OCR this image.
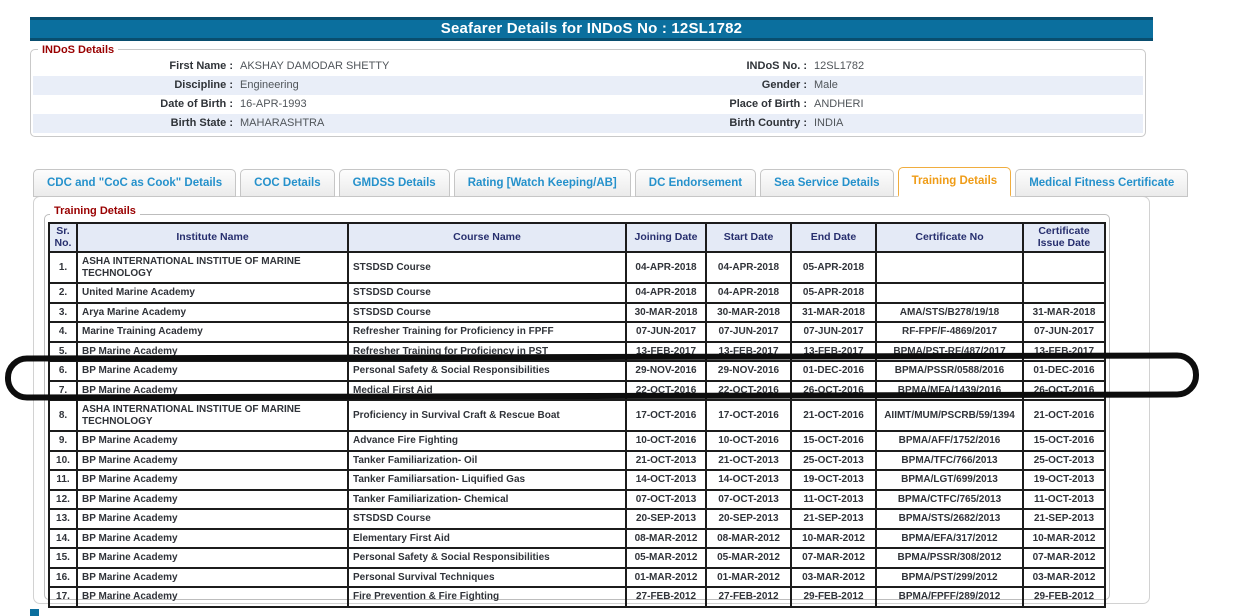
Seafarer Details for INDoS No : 12SL1782
First Name : AKSHAY DAMODAR SHETTY	INDoS No. : 12SL1782
Discipline : Engineering	Gender : Male
Date of Birth : 16-APR-1993	Place of Birth : ANDHERI
Birth State : MAHARASHTRA	Birth Country : INDIA
INDoS Details
CDC and "CoC as Cook" Details	COC Details	GMDSS Details	Rating [Watch Keeping/AB]	DC Endorsement	Sea Service Details	Training Details	Medical Fitness Certificate
Training Details
Sr. No.	Institute Name	Course Name	Joining Date	Start Date	End Date	Certificate No	Certificate Issue Date
1.	ASHA INTERNATIONAL INSTITUE OF MARINE TECHNOLOGY	STSDSD Course	04-APR-2018	04-APR-2018	05-APR-2018		
2.	United Marine Academy	STSDSD Course	04-APR-2018	04-APR-2018	05-APR-2018		
3.	Arya Marine Academy	STSDSD Course	30-MAR-2018	30-MAR-2018	31-MAR-2018	AMA/STS/B278/19/18	31-MAR-2018
4.	Marine Training Academy	Refresher Training for Proficiency in FPFF	07-JUN-2017	07-JUN-2017	07-JUN-2017	RF-FPF/F-4869/2017	07-JUN-2017
5.	BP Marine Academy	Refresher Training for Proficiency in PST	13-FEB-2017	13-FEB-2017	13-FEB-2017	BPMA/PST-RF/487/2017	13-FEB-2017
6.	BP Marine Academy	Personal Safety & Social Responsibilities	29-NOV-2016	29-NOV-2016	01-DEC-2016	BPMA/PSSR/0588/2016	01-DEC-2016
7.	BP Marine Academy	Medical First Aid	22-OCT-2016	22-OCT-2016	26-OCT-2016	BPMA/MFA/1439/2016	26-OCT-2016
8.	ASHA INTERNATIONAL INSTITUE OF MARINE TECHNOLOGY	Proficiency in Survival Craft & Rescue Boat	17-OCT-2016	17-OCT-2016	21-OCT-2016	AIIMT/MUM/PSCRB/59/1394	21-OCT-2016
9.	BP Marine Academy	Advance Fire Fighting	10-OCT-2016	10-OCT-2016	15-OCT-2016	BPMA/AFF/1752/2016	15-OCT-2016
10.	BP Marine Academy	Tanker Familiarization- Oil	21-OCT-2013	21-OCT-2013	25-OCT-2013	BPMA/TFC/766/2013	25-OCT-2013
11.	BP Marine Academy	Tanker Familiarsation- Liquified Gas	14-OCT-2013	14-OCT-2013	19-OCT-2013	BPMA/LGT/699/2013	19-OCT-2013
12.	BP Marine Academy	Tanker Familiarization- Chemical	07-OCT-2013	07-OCT-2013	11-OCT-2013	BPMA/CTFC/765/2013	11-OCT-2013
13.	BP Marine Academy	STSDSD Course	20-SEP-2013	20-SEP-2013	21-SEP-2013	BPMA/STS/2682/2013	21-SEP-2013
14.	BP Marine Academy	Elementary First Aid	08-MAR-2012	08-MAR-2012	10-MAR-2012	BPMA/EFA/317/2012	10-MAR-2012
15.	BP Marine Academy	Personal Safety & Social Responsibilities	05-MAR-2012	05-MAR-2012	07-MAR-2012	BPMA/PSSR/308/2012	07-MAR-2012
16.	BP Marine Academy	Personal Survival Techniques	01-MAR-2012	01-MAR-2012	03-MAR-2012	BPMA/PST/299/2012	03-MAR-2012
17.	BP Marine Academy	Fire Prevention & Fire Fighting	27-FEB-2012	27-FEB-2012	29-FEB-2012	BPMA/FPFF/289/2012	29-FEB-2012
